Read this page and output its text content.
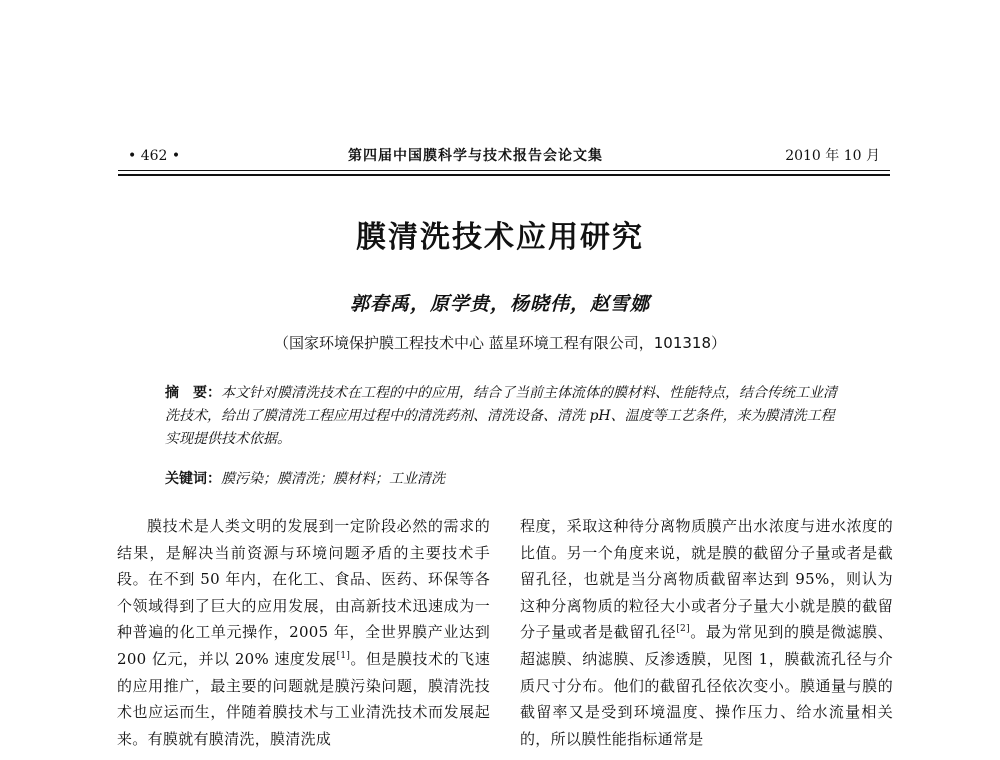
• 462 •	第四届中国膜科学与技术报告会论文集	2010 年 10 月
膜清洗技术应用研究
郭春禹，原学贵，杨晓伟，赵雪娜
（国家环境保护膜工程技术中心 蓝星环境工程有限公司，101318）
摘　要：本文针对膜清洗技术在工程的中的应用，结合了当前主体流体的膜材料、性能特点，结合传统工业清洗技术，给出了膜清洗工程应用过程中的清洗药剂、清洗设备、清洗 pH、温度等工艺条件，来为膜清洗工程实现提供技术依据。
关键词：膜污染；膜清洗；膜材料；工业清洗
膜技术是人类文明的发展到一定阶段必然的需求的结果，是解决当前资源与环境问题矛盾的主要技术手段。在不到 50 年内，在化工、食品、医药、环保等各个领域得到了巨大的应用发展，由高新技术迅速成为一种普遍的化工单元操作，2005 年，全世界膜产业达到 200 亿元，并以 20% 速度发展[1]。但是膜技术的飞速的应用推广，最主要的问题就是膜污染问题，膜清洗技术也应运而生，伴随着膜技术与工业清洗技术而发展起来。有膜就有膜清洗，膜清洗成
程度，采取这种待分离物质膜产出水浓度与进水浓度的比值。另一个角度来说，就是膜的截留分子量或者是截留孔径，也就是当分离物质截留率达到 95%，则认为这种分离物质的粒径大小或者分子量大小就是膜的截留分子量或者是截留孔径[2]。最为常见到的膜是微滤膜、超滤膜、纳滤膜、反渗透膜，见图 1，膜截流孔径与介质尺寸分布。他们的截留孔径依次变小。膜通量与膜的截留率又是受到环境温度、操作压力、给水流量相关的，所以膜性能指标通常是
